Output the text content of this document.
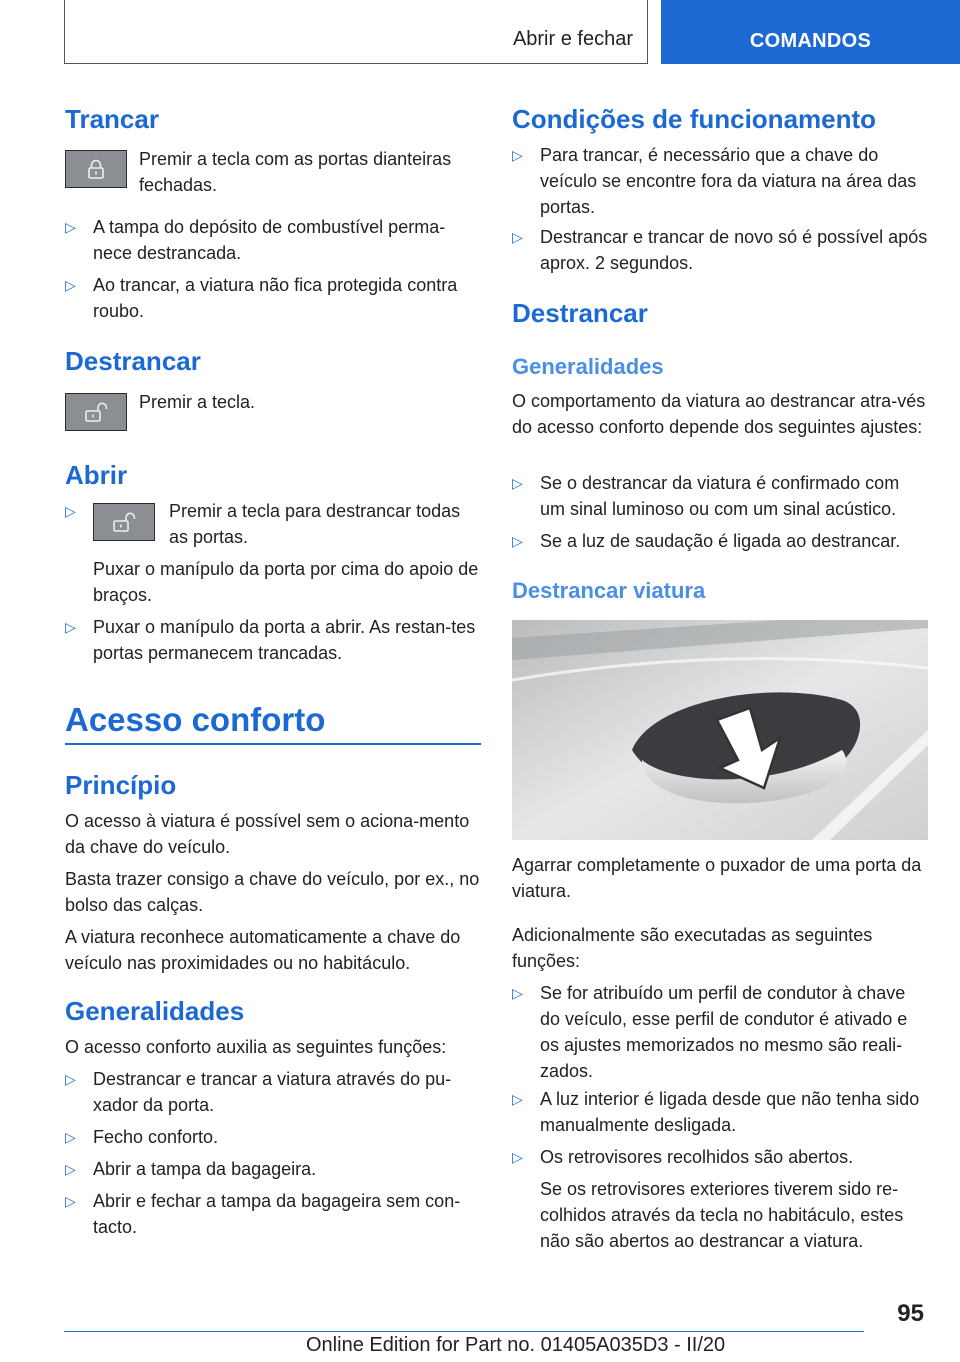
Abrir e fechar	COMANDOS
Trancar

Premir a tecla com as portas dianteiras fechadas.

▷ A tampa do depósito de combustível perma-nece destrancada.
▷ Ao trancar, a viatura não fica protegida contra roubo.
Destrancar

Premir a tecla.

Abrir
▷	Premir a tecla para destrancar todas as portas.
Puxar o manípulo da porta por cima do apoio de braços.
▷ Puxar o manípulo da porta a abrir. As restan-tes portas permanecem trancadas.
Acesso conforto
Princípio

O acesso à viatura é possível sem o aciona-mento da chave do veículo.

Basta trazer consigo a chave do veículo, por ex., no bolso das calças.

A viatura reconhece automaticamente a chave do veículo nas proximidades ou no habitáculo.

Generalidades

O acesso conforto auxilia as seguintes funções:

▷ Destrancar e trancar a viatura através do pu-xador da porta.
▷ Fecho conforto.
▷ Abrir a tampa da bagageira.
▷ Abrir e fechar a tampa da bagageira sem con-tacto.
Condições de funcionamento
▷ Para trancar, é necessário que a chave do veículo se encontre fora da viatura na área das portas.
▷ Destrancar e trancar de novo só é possível após aprox. 2 segundos.
Destrancar
Generalidades

O comportamento da viatura ao destrancar atra-vés do acesso conforto depende dos seguintes ajustes:

▷ Se o destrancar da viatura é confirmado com um sinal luminoso ou com um sinal acústico.
▷ Se a luz de saudação é ligada ao destrancar.
Destrancar viatura

Agarrar completamente o puxador de uma porta da viatura.

Adicionalmente são executadas as seguintes funções:

▷ Se for atribuído um perfil de condutor à chave do veículo, esse perfil de condutor é ativado e os ajustes memorizados no mesmo são reali-zados.
▷ A luz interior é ligada desde que não tenha sido manualmente desligada.
▷ Os retrovisores recolhidos são abertos.
Se os retrovisores exteriores tiverem sido re-colhidos através da tecla no habitáculo, estes não são abertos ao destrancar a viatura.
95
Online Edition for Part no. 01405A035D3 - II/20
